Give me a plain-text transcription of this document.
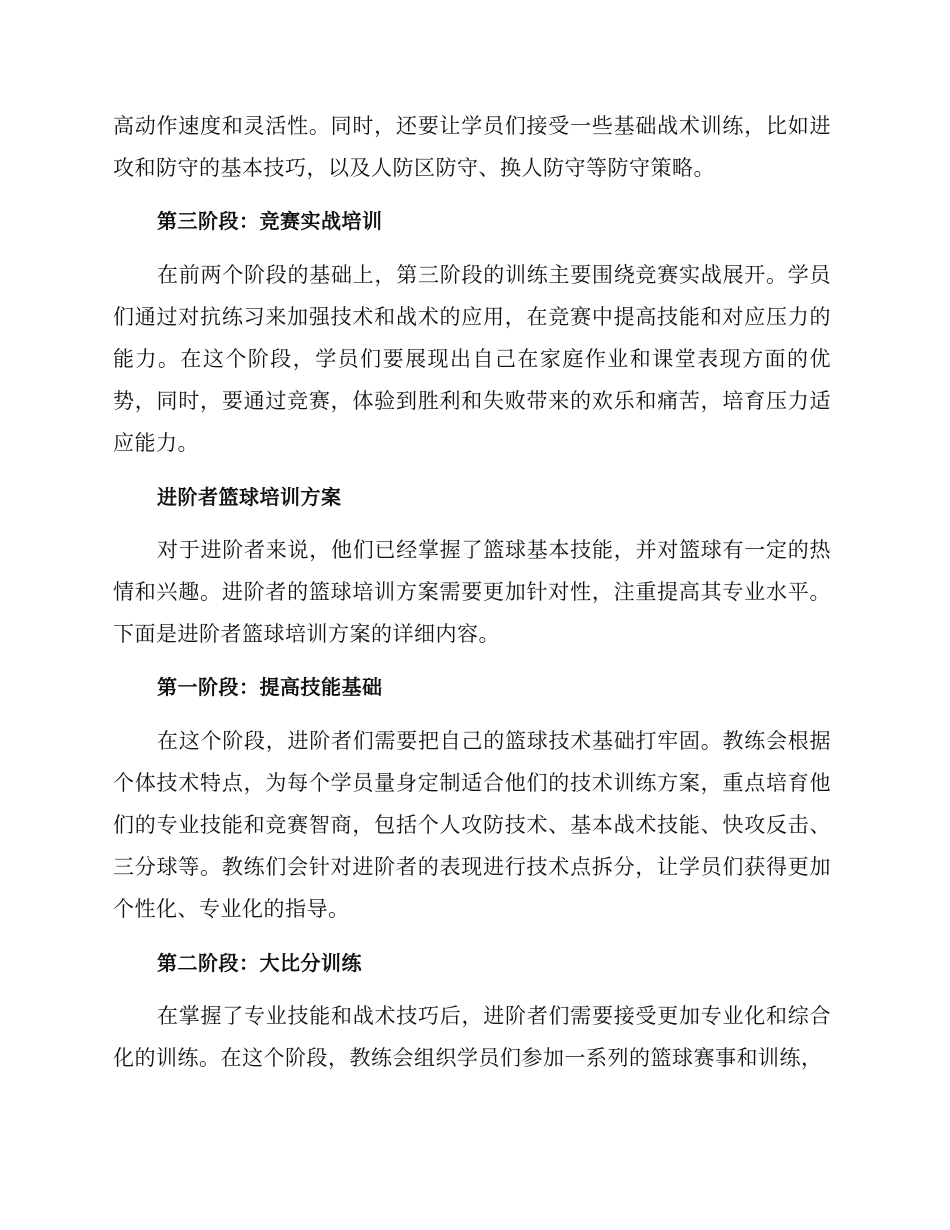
高动作速度和灵活性。同时，还要让学员们接受一些基础战术训练，比如进攻和防守的基本技巧，以及人防区防守、换人防守等防守策略。

第三阶段：竞赛实战培训

在前两个阶段的基础上，第三阶段的训练主要围绕竞赛实战展开。学员们通过对抗练习来加强技术和战术的应用，在竞赛中提高技能和对应压力的能力。在这个阶段，学员们要展现出自己在家庭作业和课堂表现方面的优势，同时，要通过竞赛，体验到胜利和失败带来的欢乐和痛苦，培育压力适应能力。

进阶者篮球培训方案

对于进阶者来说，他们已经掌握了篮球基本技能，并对篮球有一定的热情和兴趣。进阶者的篮球培训方案需要更加针对性，注重提高其专业水平。下面是进阶者篮球培训方案的详细内容。

第一阶段：提高技能基础

在这个阶段，进阶者们需要把自己的篮球技术基础打牢固。教练会根据个体技术特点，为每个学员量身定制适合他们的技术训练方案，重点培育他们的专业技能和竞赛智商，包括个人攻防技术、基本战术技能、快攻反击、三分球等。教练们会针对进阶者的表现进行技术点拆分，让学员们获得更加个性化、专业化的指导。

第二阶段：大比分训练

在掌握了专业技能和战术技巧后，进阶者们需要接受更加专业化和综合化的训练。在这个阶段，教练会组织学员们参加一系列的篮球赛事和训练，
